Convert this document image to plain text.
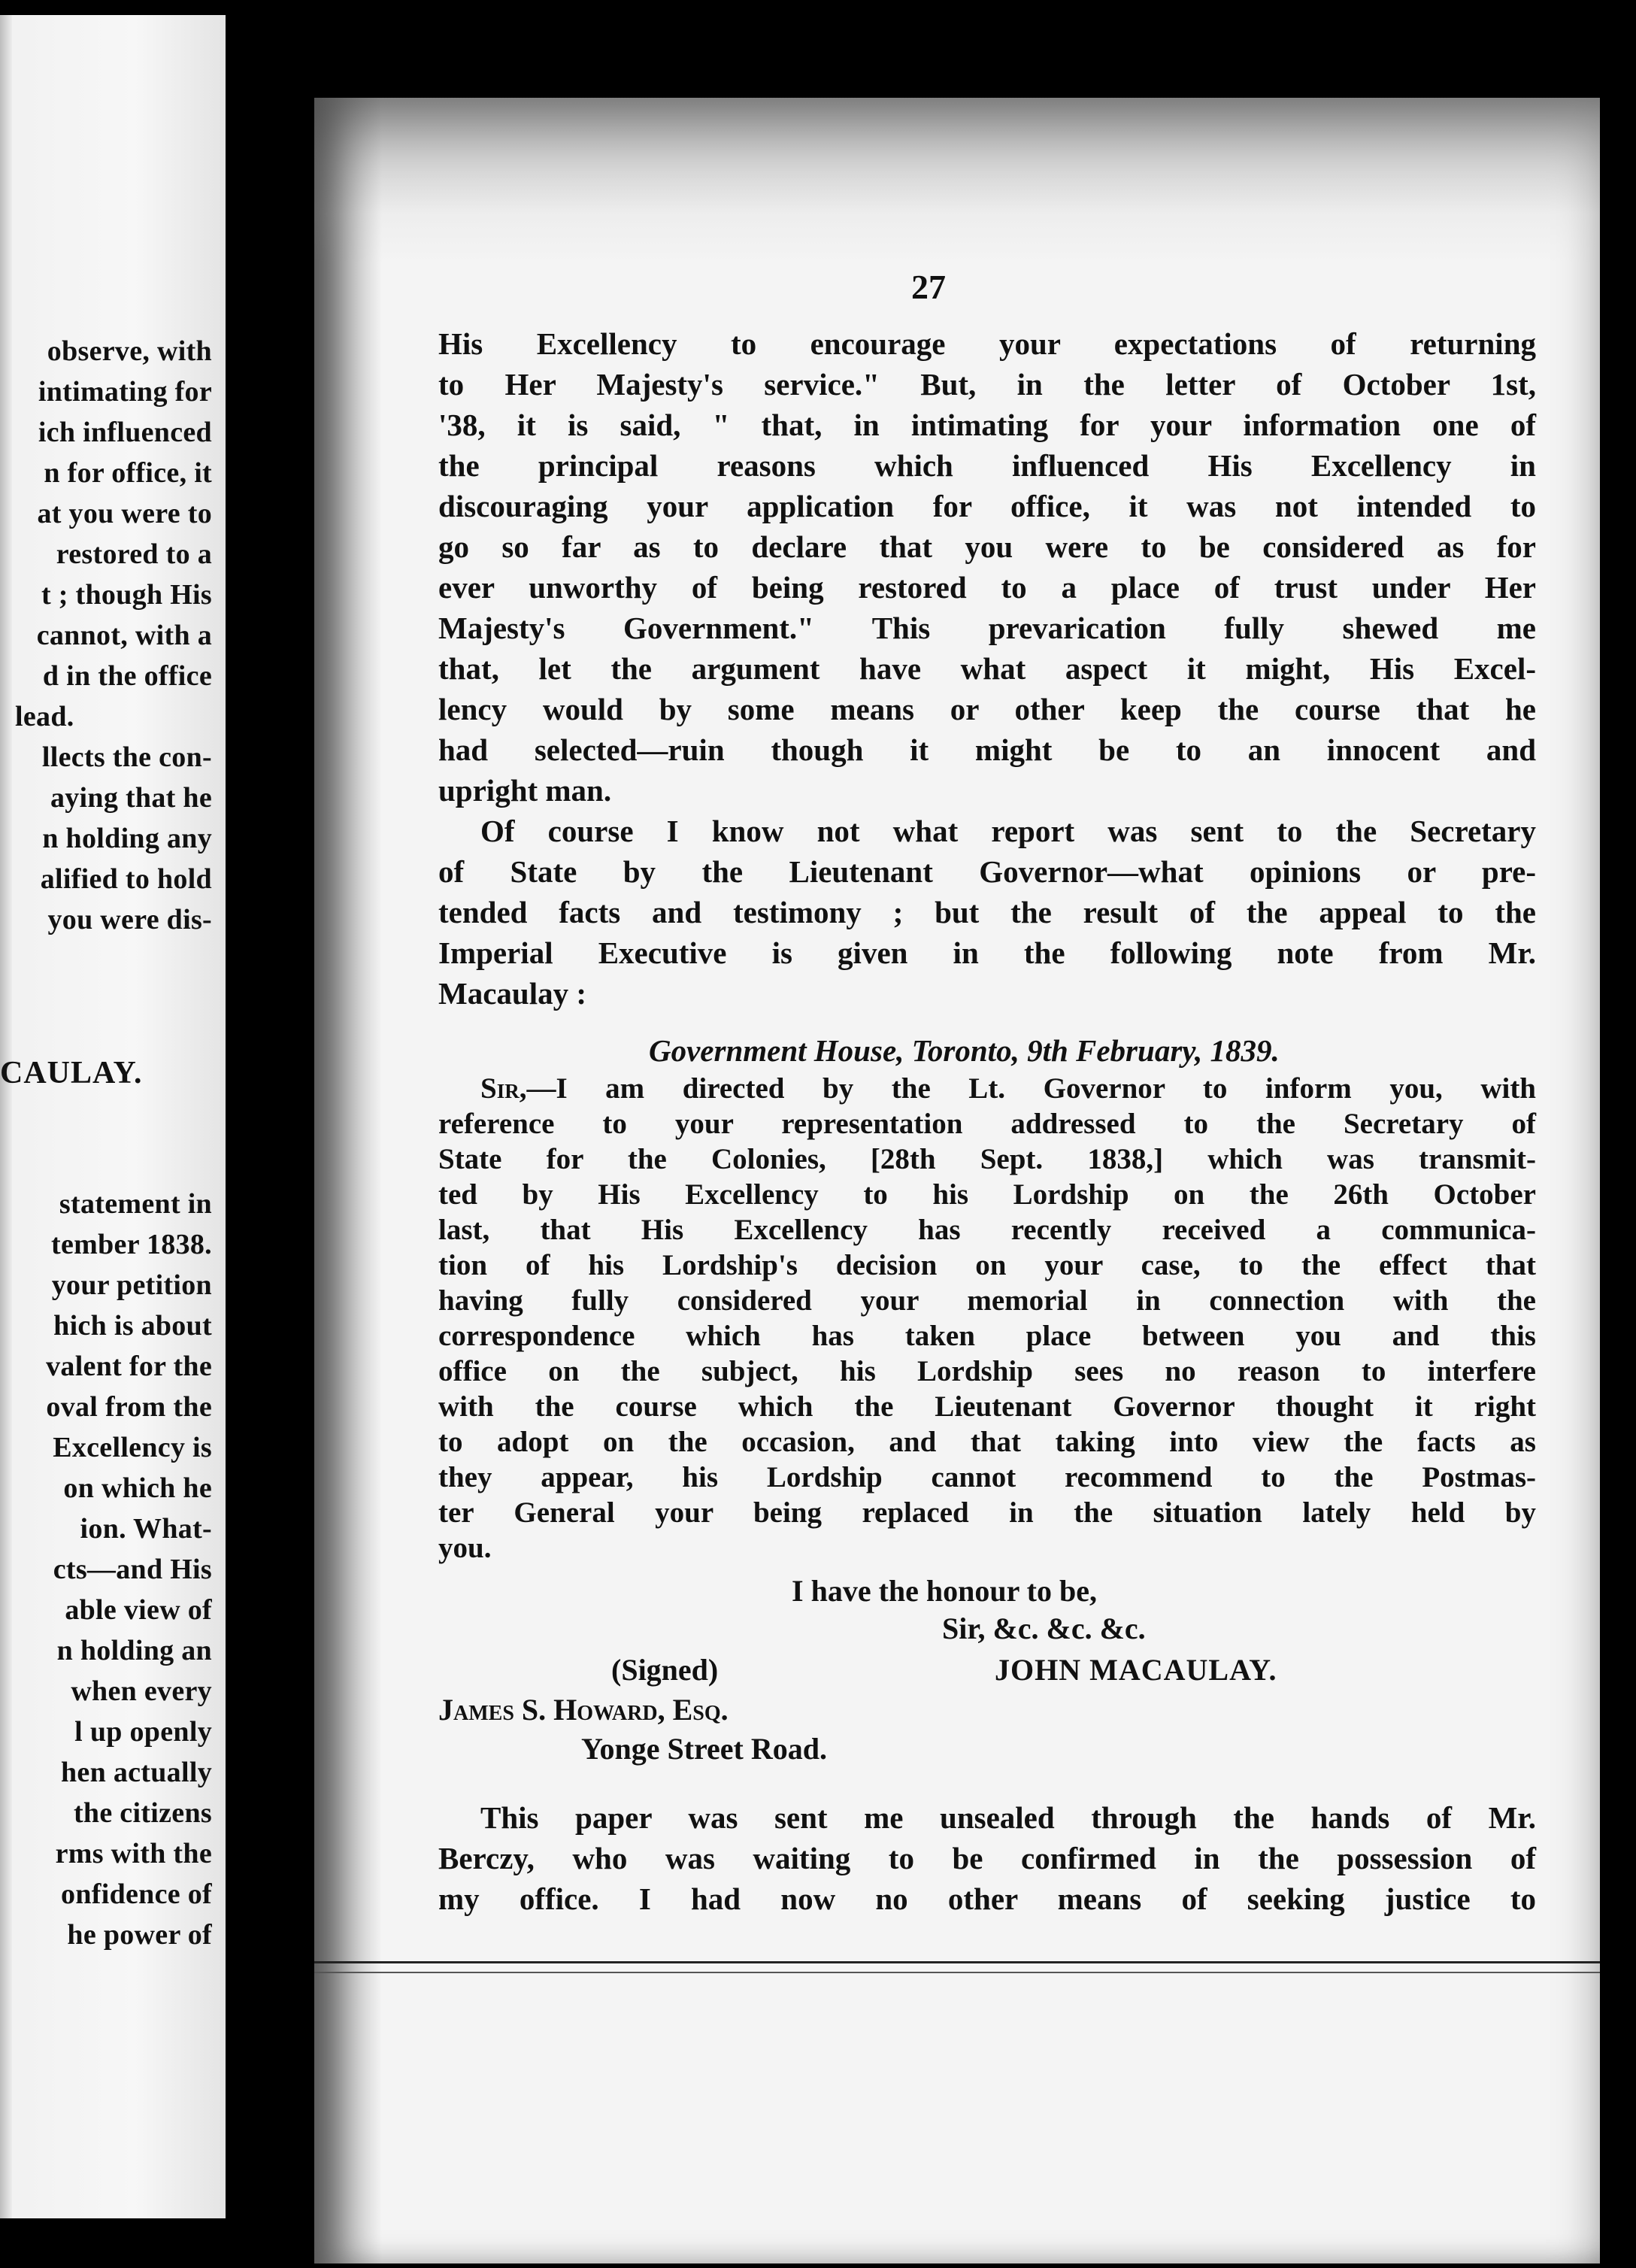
observe, with
intimating for
ich influenced
n for office, it
at you were to
restored to a
t ; though His
cannot, with a
d in the office
lead.
llects the con-
aying that he
n holding any
alified to hold
you were dis-
CAULAY.
statement in
tember 1838.
your petition
hich is about
valent for the
oval from the
Excellency is
on which he
ion. What-
cts—and His
able view of
n holding an
when every
l up openly
hen actually
the citizens
rms with the
onfidence of
he power of
27
His Excellency to encourage your expectations of returning
to Her Majesty's service." But, in the letter of October 1st,
'38, it is said, " that, in intimating for your information one of
the principal reasons which influenced His Excellency in
discouraging your application for office, it was not intended to
go so far as to declare that you were to be considered as for
ever unworthy of being restored to a place of trust under Her
Majesty's Government." This prevarication fully shewed me
that, let the argument have what aspect it might, His Excel-
lency would by some means or other keep the course that he
had selected—ruin though it might be to an innocent and
upright man.
Of course I know not what report was sent to the Secretary
of State by the Lieutenant Governor—what opinions or pre-
tended facts and testimony ; but the result of the appeal to the
Imperial Executive is given in the following note from Mr.
Macaulay :
Government House, Toronto, 9th February, 1839.
Sir,—I am directed by the Lt. Governor to inform you, with
reference to your representation addressed to the Secretary of
State for the Colonies, [28th Sept. 1838,] which was transmit-
ted by His Excellency to his Lordship on the 26th October
last, that His Excellency has recently received a communica-
tion of his Lordship's decision on your case, to the effect that
having fully considered your memorial in connection with the
correspondence which has taken place between you and this
office on the subject, his Lordship sees no reason to interfere
with the course which the Lieutenant Governor thought it right
to adopt on the occasion, and that taking into view the facts as
they appear, his Lordship cannot recommend to the Postmas-
ter General your being replaced in the situation lately held by
you.
I have the honour to be,
Sir, &c. &c. &c.
(Signed)	JOHN MACAULAY.
James S. Howard, Esq.
Yonge Street Road.
This paper was sent me unsealed through the hands of Mr.
Berczy, who was waiting to be confirmed in the possession of
my office. I had now no other means of seeking justice to
